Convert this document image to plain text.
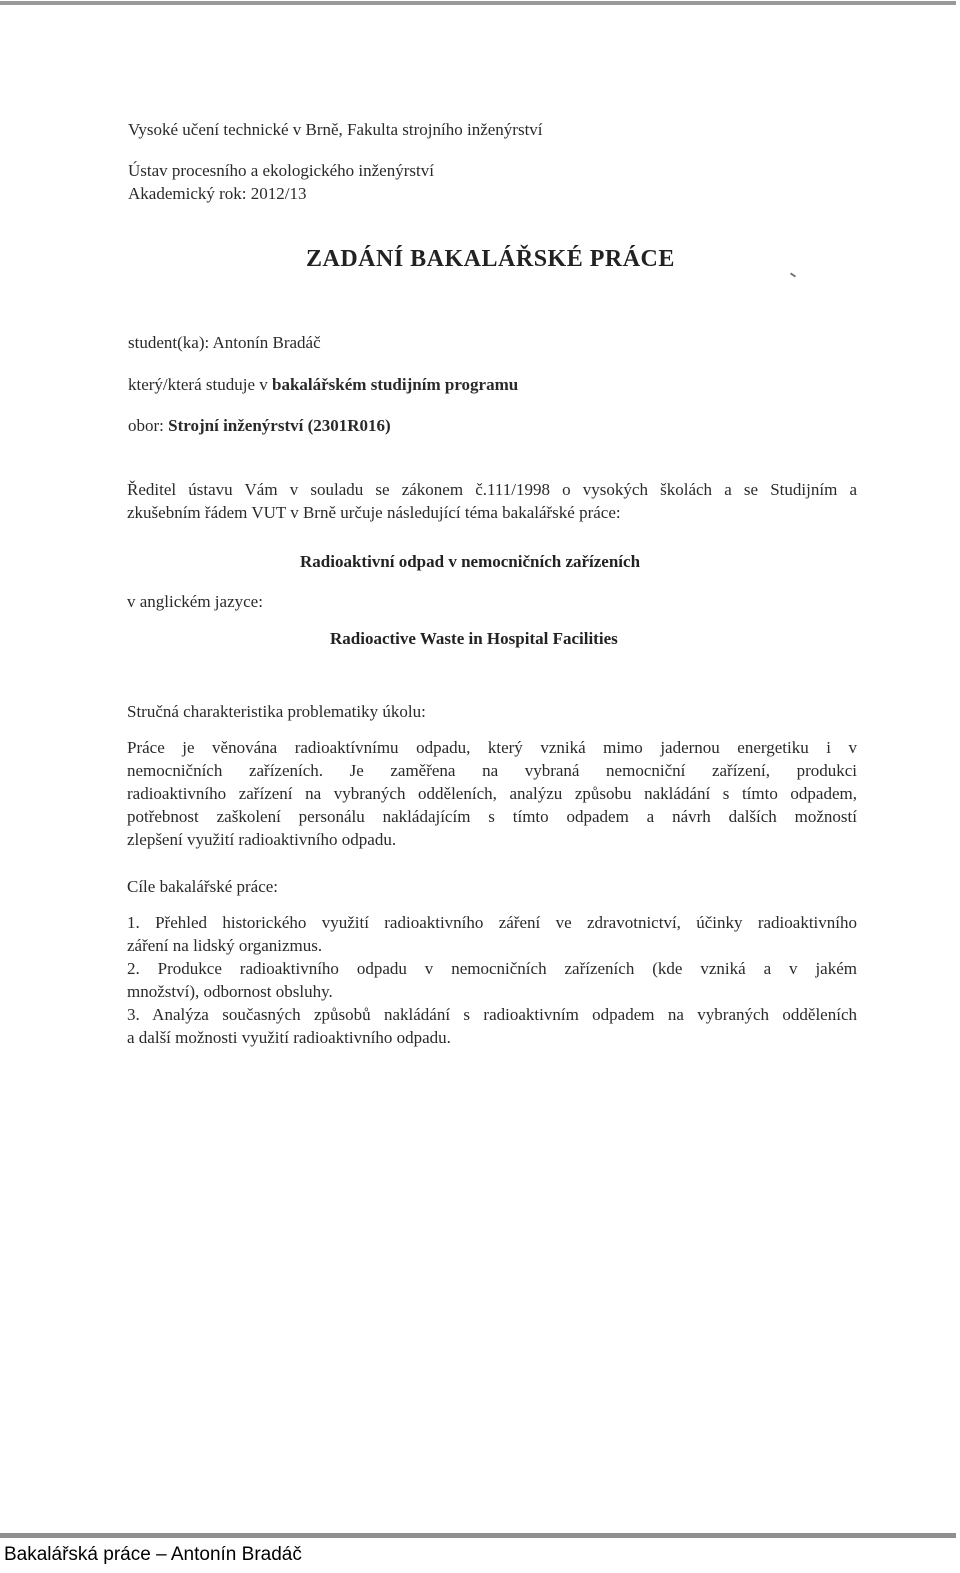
Vysoké učení technické v Brně, Fakulta strojního inženýrství
Ústav procesního a ekologického inženýrství
Akademický rok: 2012/13
ZADÁNÍ BAKALÁŘSKÉ PRÁCE
student(ka): Antonín Bradáč
který/která studuje v bakalářském studijním programu
obor: Strojní inženýrství (2301R016)
Ředitel ústavu Vám v souladu se zákonem č.111/1998 o vysokých školách a se Studijním a
zkušebním řádem VUT v Brně určuje následující téma bakalářské práce:
Radioaktivní odpad v nemocničních zařízeních
v anglickém jazyce:
Radioactive Waste in Hospital Facilities
Stručná charakteristika problematiky úkolu:
Práce je věnována radioaktívnímu odpadu, který vzniká mimo jadernou energetiku i v
nemocničních zařízeních. Je zaměřena na vybraná nemocniční zařízení, produkci
radioaktivního zařízení na vybraných odděleních, analýzu způsobu nakládání s tímto odpadem,
potřebnost zaškolení personálu nakládajícím s tímto odpadem a návrh dalších možností
zlepšení využití radioaktivního odpadu.
Cíle bakalářské práce:
1. Přehled historického využití radioaktivního záření ve zdravotnictví, účinky radioaktivního
záření na lidský organizmus.
2. Produkce radioaktivního odpadu v nemocničních zařízeních (kde vzniká a v jakém
množství), odbornost obsluhy.
3. Analýza současných způsobů nakládání s radioaktivním odpadem na vybraných odděleních
a další možnosti využití radioaktivního odpadu.
Bakalářská práce – Antonín Bradáč
